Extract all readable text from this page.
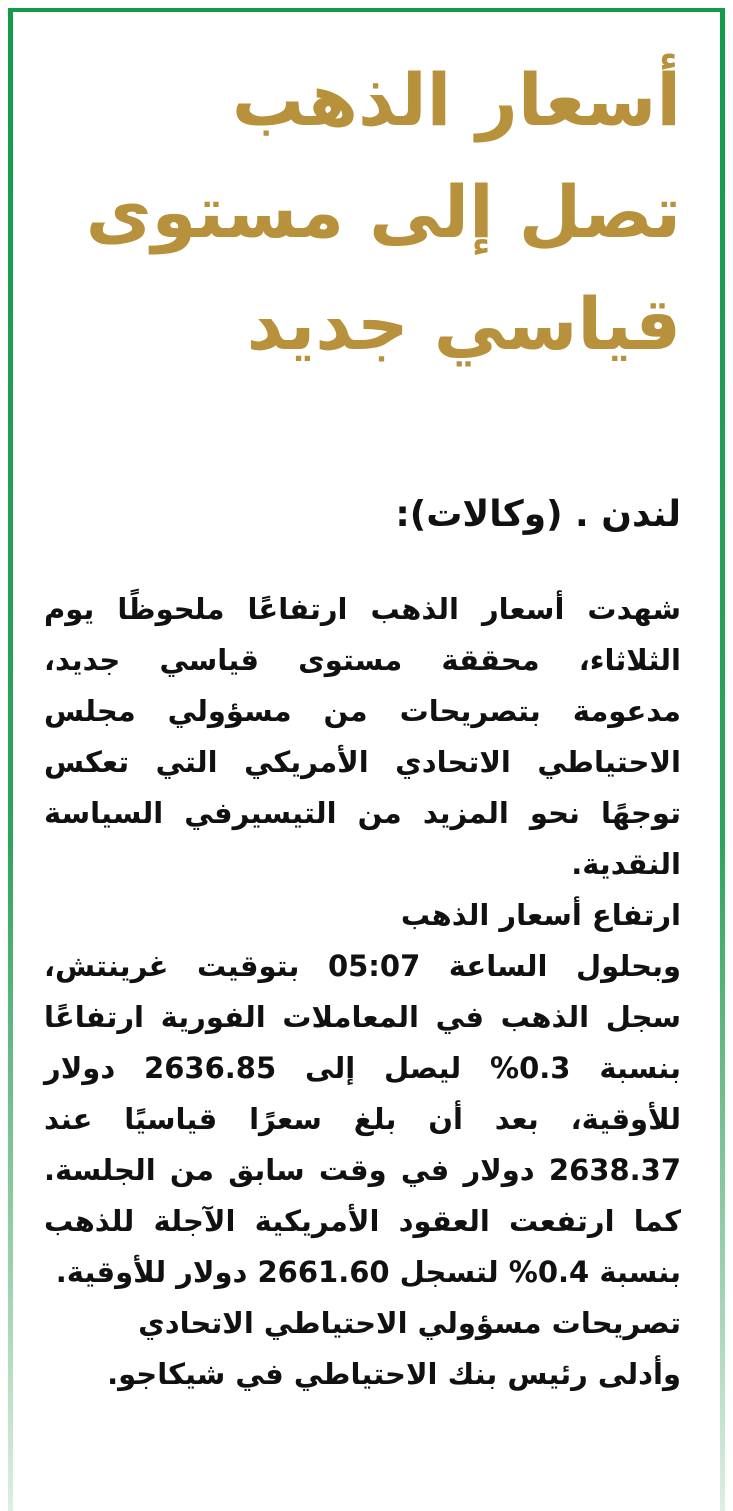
أسعار الذهب
تصل إلى مستوى
قياسي جديد
لندن . (وكالات):

شهدت أسعار الذهب ارتفاعًا ملحوظًا يوم الثلاثاء، محققة مستوى قياسي جديد، مدعومة بتصريحات من مسؤولي مجلس الاحتياطي الاتحادي الأمريكي التي تعكس توجهًا نحو المزيد من التيسيرفي السياسة النقدية.

ارتفاع أسعار الذهب

وبحلول الساعة 05:07 بتوقيت غرينتش، سجل الذهب في المعاملات الفورية ارتفاعًا بنسبة 0.3% ليصل إلى 2636.85 دولار للأوقية، بعد أن بلغ سعرًا قياسيًا عند 2638.37 دولار في وقت سابق من الجلسة. كما ارتفعت العقود الأمريكية الآجلة للذهب بنسبة 0.4% لتسجل 2661.60 دولار للأوقية.

تصريحات مسؤولي الاحتياطي الاتحادي

وأدلى رئيس بنك الاحتياطي في شيكاجو.
